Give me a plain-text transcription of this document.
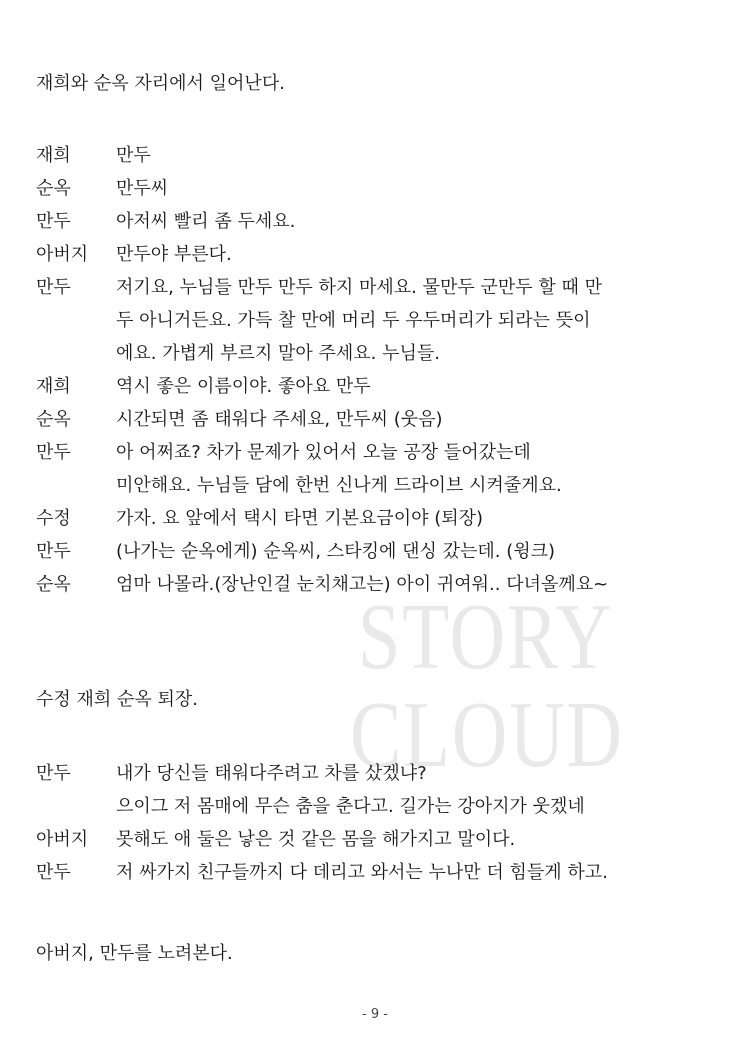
STORY
CLOUD
재희와 순옥 자리에서 일어난다.
재희	만두
순옥	만두씨
만두	아저씨 빨리 좀 두세요.
아버지	만두야 부른다.
만두	저기요, 누님들 만두 만두 하지 마세요. 물만두 군만두 할 때 만
두 아니거든요. 가득 찰 만에 머리 두 우두머리가 되라는 뜻이
에요. 가볍게 부르지 말아 주세요. 누님들.
재희	역시 좋은 이름이야. 좋아요 만두
순옥	시간되면 좀 태워다 주세요, 만두씨 (웃음)
만두	아 어쩌죠? 차가 문제가 있어서 오늘 공장 들어갔는데
미안해요. 누님들 담에 한번 신나게 드라이브 시켜줄게요.
수정	가자. 요 앞에서 택시 타면 기본요금이야 (퇴장)
만두	(나가는 순옥에게) 순옥씨, 스타킹에 댄싱 갔는데. (윙크)
순옥	엄마 나몰라.(장난인걸 눈치채고는) 아이 귀여워.. 다녀올께요~
수정 재희 순옥 퇴장.
만두	내가 당신들 태워다주려고 차를 샀겠냐?
으이그 저 몸매에 무슨 춤을 춘다고. 길가는 강아지가 웃겠네
아버지	못해도 애 둘은 낳은 것 같은 몸을 해가지고 말이다.
만두	저 싸가지 친구들까지 다 데리고 와서는 누나만 더 힘들게 하고.
아버지, 만두를 노려본다.
- 9 -
